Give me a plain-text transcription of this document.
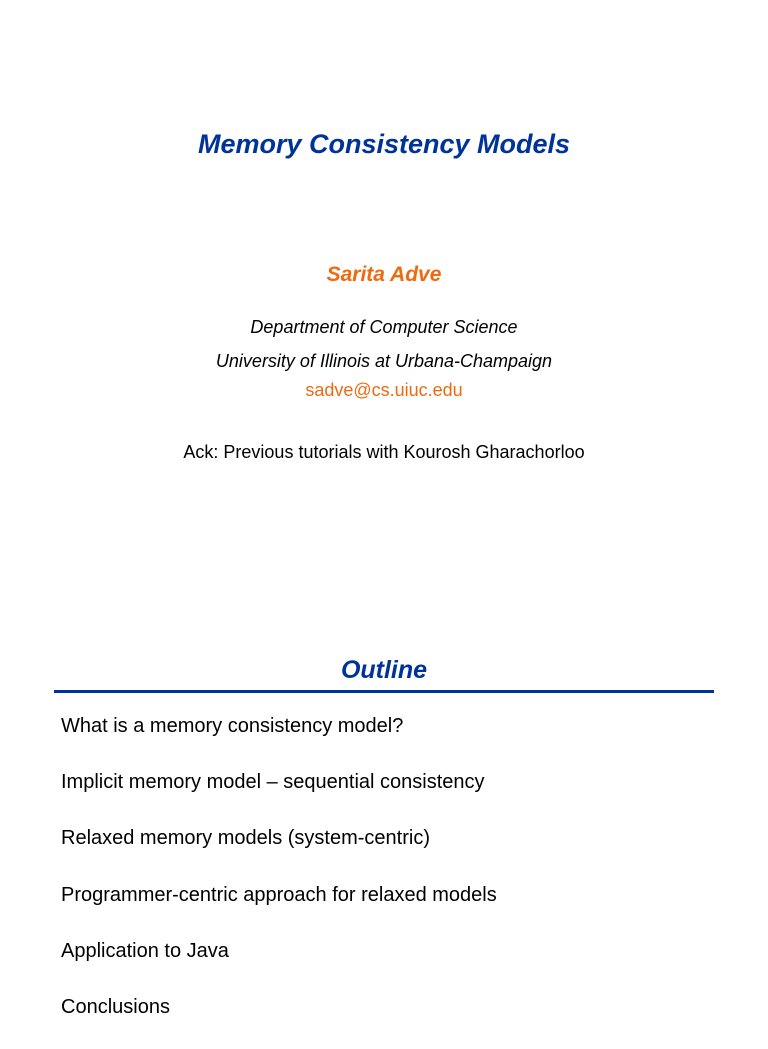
Memory Consistency Models
Sarita Adve
Department of Computer Science
University of Illinois at Urbana-Champaign
sadve@cs.uiuc.edu
Ack: Previous tutorials with Kourosh Gharachorloo
Outline
What is a memory consistency model?
Implicit memory model – sequential consistency
Relaxed memory models (system-centric)
Programmer-centric approach for relaxed models
Application to Java
Conclusions
